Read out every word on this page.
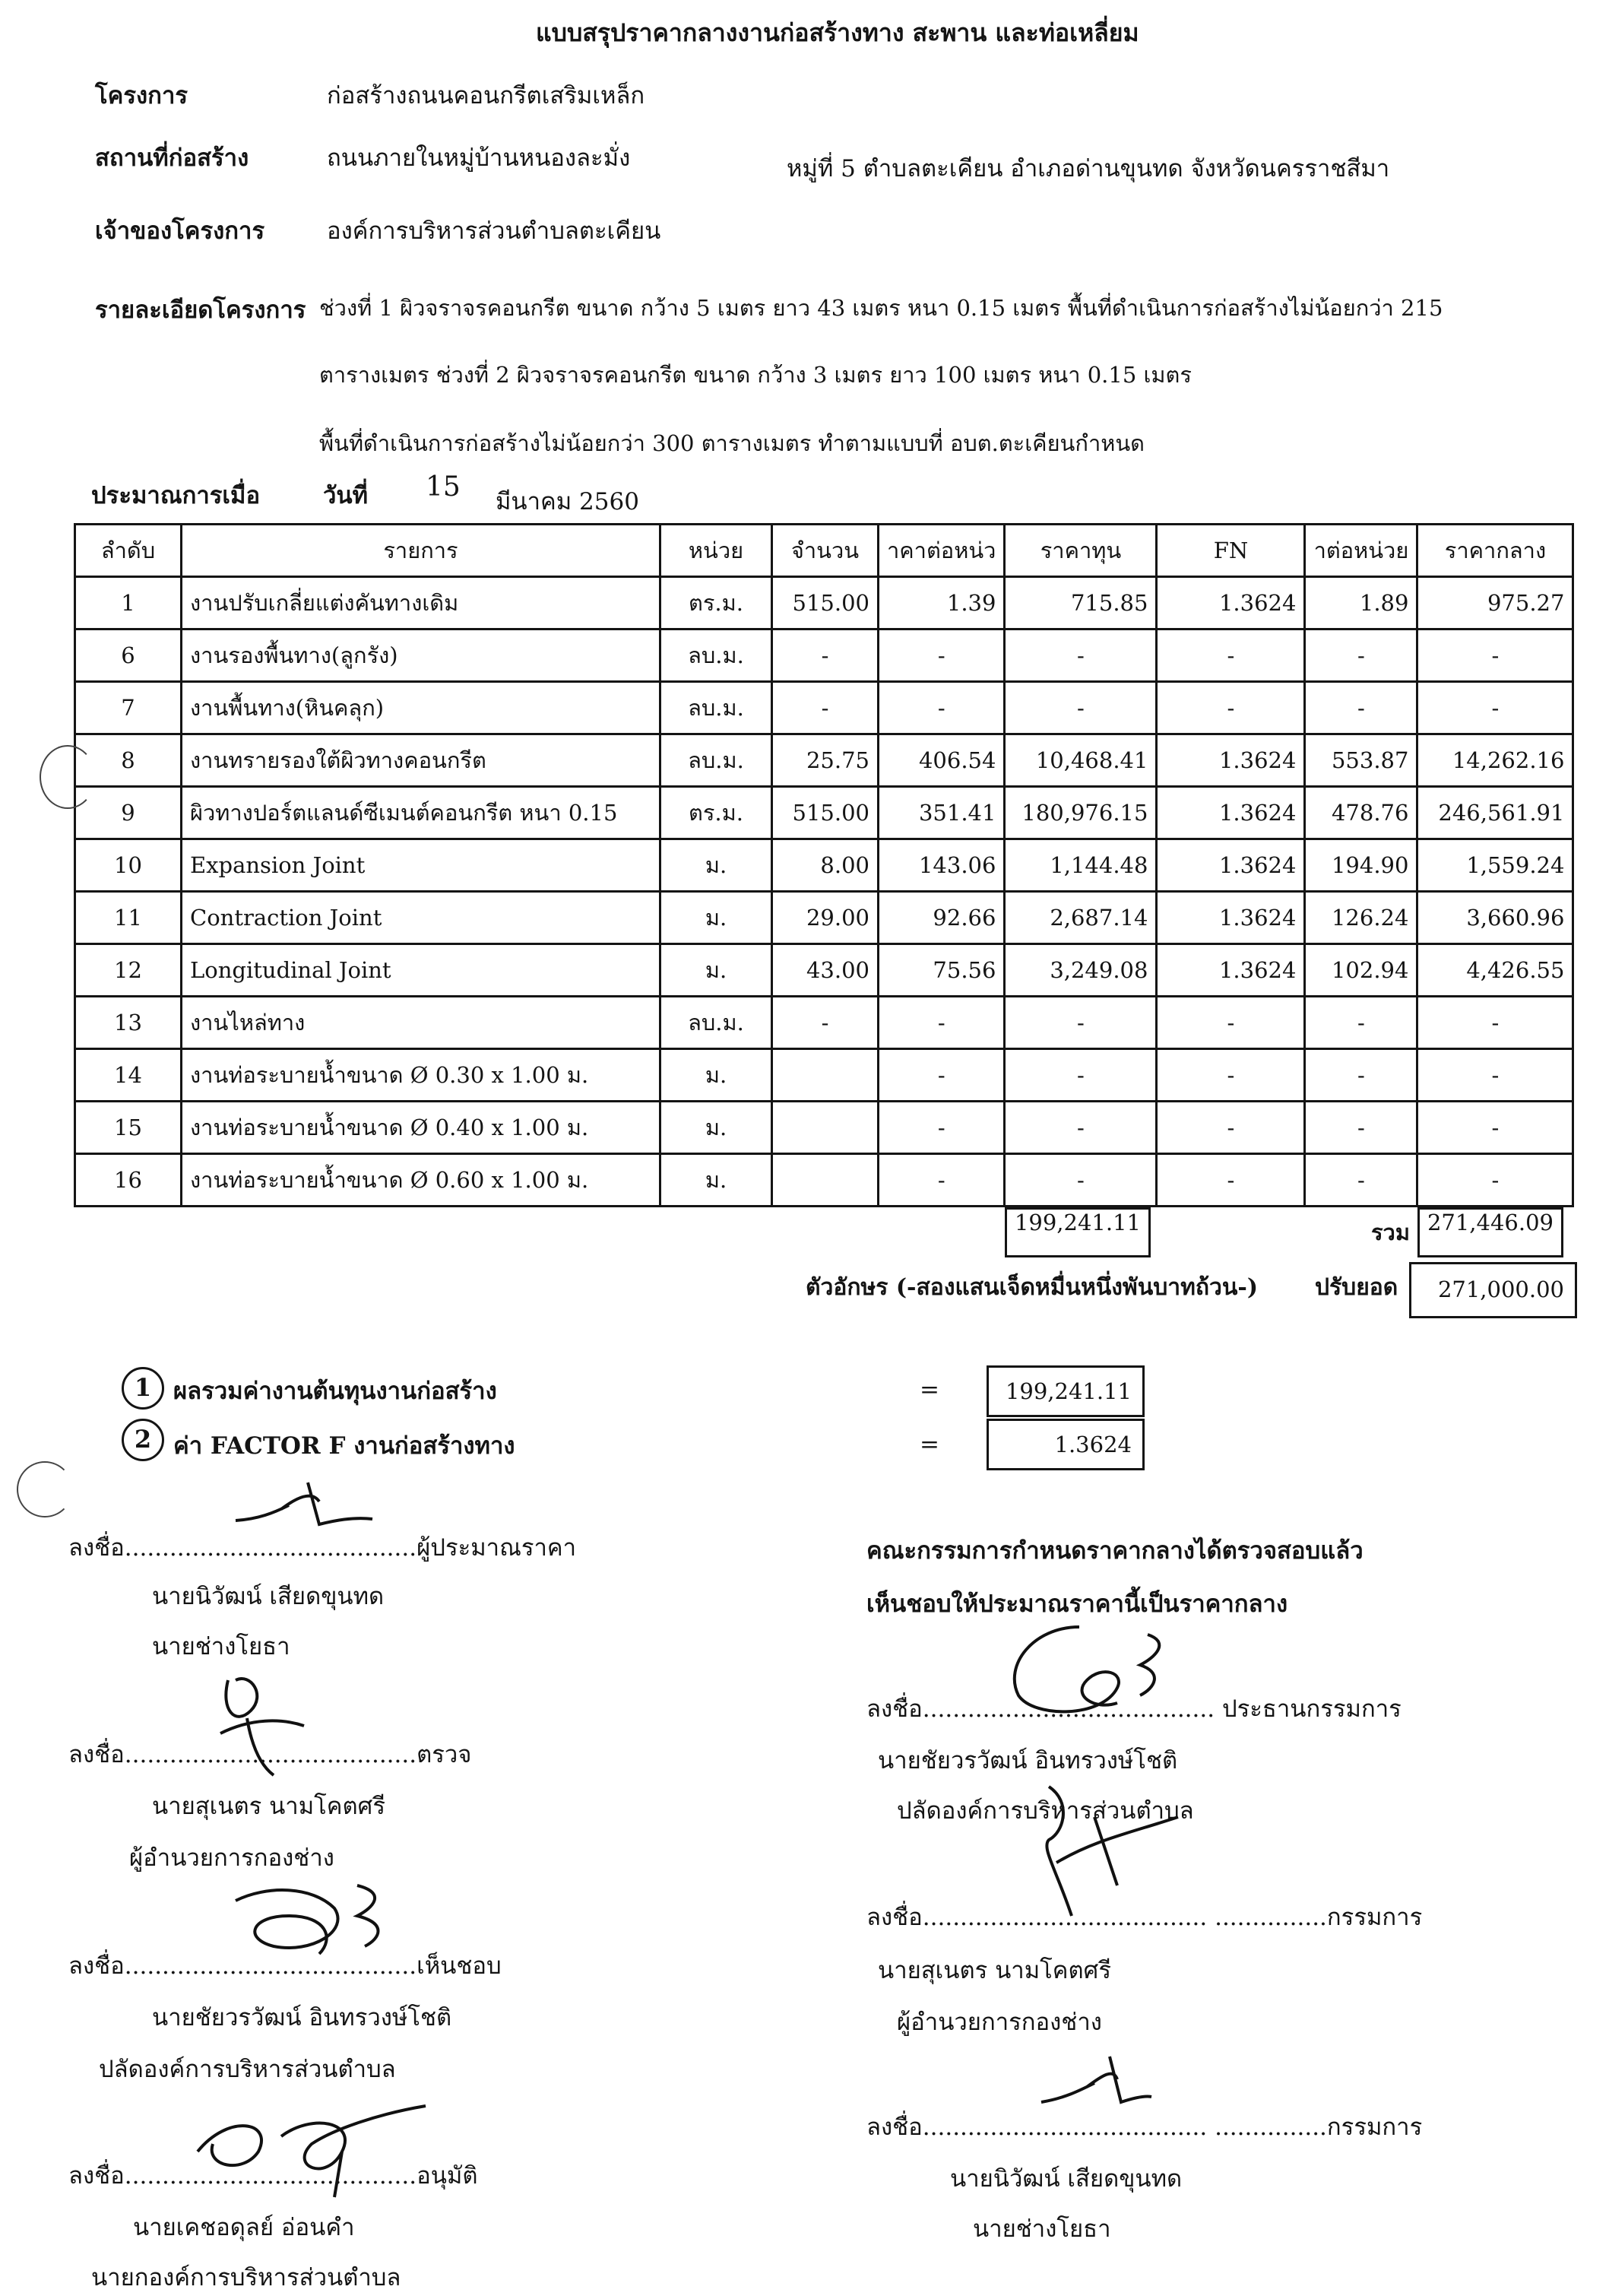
แบบสรุปราคากลางงานก่อสร้างทาง สะพาน และท่อเหลี่ยม
โครงการ	ก่อสร้างถนนคอนกรีตเสริมเหล็ก
สถานที่ก่อสร้าง	ถนนภายในหมู่บ้านหนองละมั่ง	หมู่ที่ 5 ตำบลตะเคียน อำเภอด่านขุนทด จังหวัดนครราชสีมา
เจ้าของโครงการ	องค์การบริหารส่วนตำบลตะเคียน
รายละเอียดโครงการ ช่วงที่ 1 ผิวจราจรคอนกรีต ขนาด กว้าง 5 เมตร ยาว 43 เมตร หนา 0.15 เมตร พื้นที่ดำเนินการก่อสร้างไม่น้อยกว่า 215
ตารางเมตร ช่วงที่ 2 ผิวจราจรคอนกรีต ขนาด กว้าง 3 เมตร ยาว 100 เมตร หนา 0.15 เมตร
พื้นที่ดำเนินการก่อสร้างไม่น้อยกว่า 300 ตารางเมตร ทำตามแบบที่ อบต.ตะเคียนกำหนด
ประมาณการเมื่อ	วันที่ 15 มีนาคม 2560
ลำดับ	รายการ	หน่วย	จำนวน	าคาต่อหน่ว	ราคาทุน	FN	าต่อหน่วย	ราคากลาง
1	งานปรับเกลี่ยแต่งคันทางเดิม	ตร.ม.	515.00	1.39	715.85	1.3624	1.89	975.27
6	งานรองพื้นทาง(ลูกรัง)	ลบ.ม.	-	-	-	-	-	-
7	งานพื้นทาง(หินคลุก)	ลบ.ม.	-	-	-	-	-	-
8	งานทรายรองใต้ผิวทางคอนกรีต	ลบ.ม.	25.75	406.54	10,468.41	1.3624	553.87	14,262.16
9	ผิวทางปอร์ตแลนด์ซีเมนต์คอนกรีต หนา 0.15	ตร.ม.	515.00	351.41	180,976.15	1.3624	478.76	246,561.91
10	Expansion Joint	ม.	8.00	143.06	1,144.48	1.3624	194.90	1,559.24
11	Contraction Joint	ม.	29.00	92.66	2,687.14	1.3624	126.24	3,660.96
12	Longitudinal Joint	ม.	43.00	75.56	3,249.08	1.3624	102.94	4,426.55
13	งานไหล่ทาง	ลบ.ม.	-	-	-	-	-	-
14	งานท่อระบายน้ำขนาด Ø 0.30 x 1.00 ม.	ม.		-	-	-	-	-
15	งานท่อระบายน้ำขนาด Ø 0.40 x 1.00 ม.	ม.		-	-	-	-	-
16	งานท่อระบายน้ำขนาด Ø 0.60 x 1.00 ม.	ม.		-	-	-	-	-

199,241.11
		รวม	271,446.09
ตัวอักษร (-สองแสนเจ็ดหมื่นหนึ่งพันบาทถ้วน-) ปรับยอด	271,000.00
1 ผลรวมค่างานต้นทุนงานก่อสร้าง	=	199,241.11
2 ค่า FACTOR F งานก่อสร้างทาง	=	1.3624
ลงชื่อ.......................................ผู้ประมาณราคา
นายนิวัฒน์ เสียดขุนทด
นายช่างโยธา
ลงชื่อ.......................................ตรวจ
นายสุเนตร นามโคตศรี
ผู้อำนวยการกองช่าง
ลงชื่อ.......................................เห็นชอบ
นายชัยวรวัฒน์ อินทรวงษ์โชติ
ปลัดองค์การบริหารส่วนตำบล
ลงชื่อ.......................................อนุมัติ
นายเคชอดุลย์ อ่อนคำ
นายกองค์การบริหารส่วนตำบล
คณะกรรมการกำหนดราคากลางได้ตรวจสอบแล้ว
เห็นชอบให้ประมาณราคานี้เป็นราคากลาง
ลงชื่อ....................................... ประธานกรรมการ
นายชัยวรวัฒน์ อินทรวงษ์โชติ
ปลัดองค์การบริหารส่วนตำบล
ลงชื่อ...................................... ...............กรรมการ
นายสุเนตร นามโคตศรี
ผู้อำนวยการกองช่าง
ลงชื่อ...................................... ...............กรรมการ
นายนิวัฒน์ เสียดขุนทด
นายช่างโยธา
